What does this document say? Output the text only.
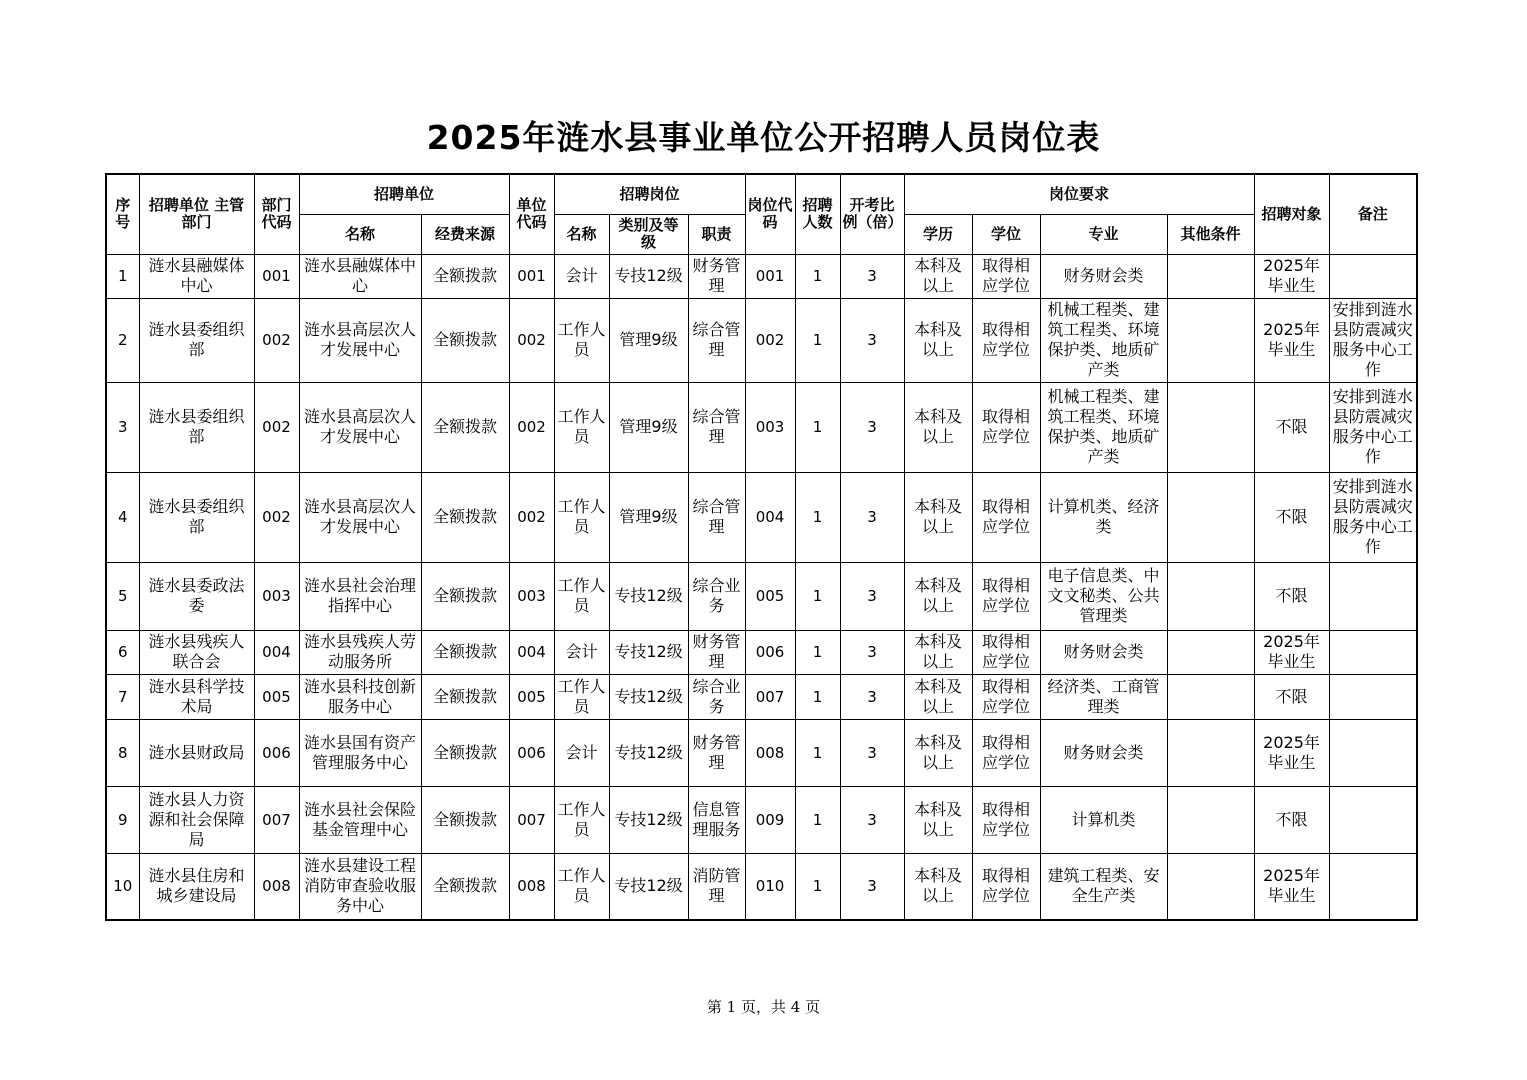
2025年涟水县事业单位公开招聘人员岗位表
序号	招聘单位 主管部门	部门代码	招聘单位		单位代码	招聘岗位			岗位代码	招聘人数	开考比例（倍）	岗位要求				招聘对象	备注
			名称	经费来源		名称	类别及等级	职责				学历	学位	专业	其他条件		
1	涟水县融媒体中心	001	涟水县融媒体中心	全额拨款	001	会计	专技12级	财务管理	001	1	3	本科及以上	取得相应学位	财务财会类		2025年毕业生	
2	涟水县委组织部	002	涟水县高层次人才发展中心	全额拨款	002	工作人员	管理9级	综合管理	002	1	3	本科及以上	取得相应学位	机械工程类、建筑工程类、环境保护类、地质矿产类		2025年毕业生	安排到涟水县防震减灾服务中心工作
3	涟水县委组织部	002	涟水县高层次人才发展中心	全额拨款	002	工作人员	管理9级	综合管理	003	1	3	本科及以上	取得相应学位	机械工程类、建筑工程类、环境保护类、地质矿产类		不限	安排到涟水县防震减灾服务中心工作
4	涟水县委组织部	002	涟水县高层次人才发展中心	全额拨款	002	工作人员	管理9级	综合管理	004	1	3	本科及以上	取得相应学位	计算机类、经济类		不限	安排到涟水县防震减灾服务中心工作
5	涟水县委政法委	003	涟水县社会治理指挥中心	全额拨款	003	工作人员	专技12级	综合业务	005	1	3	本科及以上	取得相应学位	电子信息类、中文文秘类、公共管理类		不限	
6	涟水县残疾人联合会	004	涟水县残疾人劳动服务所	全额拨款	004	会计	专技12级	财务管理	006	1	3	本科及以上	取得相应学位	财务财会类		2025年毕业生	
7	涟水县科学技术局	005	涟水县科技创新服务中心	全额拨款	005	工作人员	专技12级	综合业务	007	1	3	本科及以上	取得相应学位	经济类、工商管理类		不限	
8	涟水县财政局	006	涟水县国有资产管理服务中心	全额拨款	006	会计	专技12级	财务管理	008	1	3	本科及以上	取得相应学位	财务财会类		2025年毕业生	
9	涟水县人力资源和社会保障局	007	涟水县社会保险基金管理中心	全额拨款	007	工作人员	专技12级	信息管理服务	009	1	3	本科及以上	取得相应学位	计算机类		不限	
10	涟水县住房和城乡建设局	008	涟水县建设工程消防审查验收服务中心	全额拨款	008	工作人员	专技12级	消防管理	010	1	3	本科及以上	取得相应学位	建筑工程类、安全生产类		2025年毕业生	
第 1 页，共 4 页
